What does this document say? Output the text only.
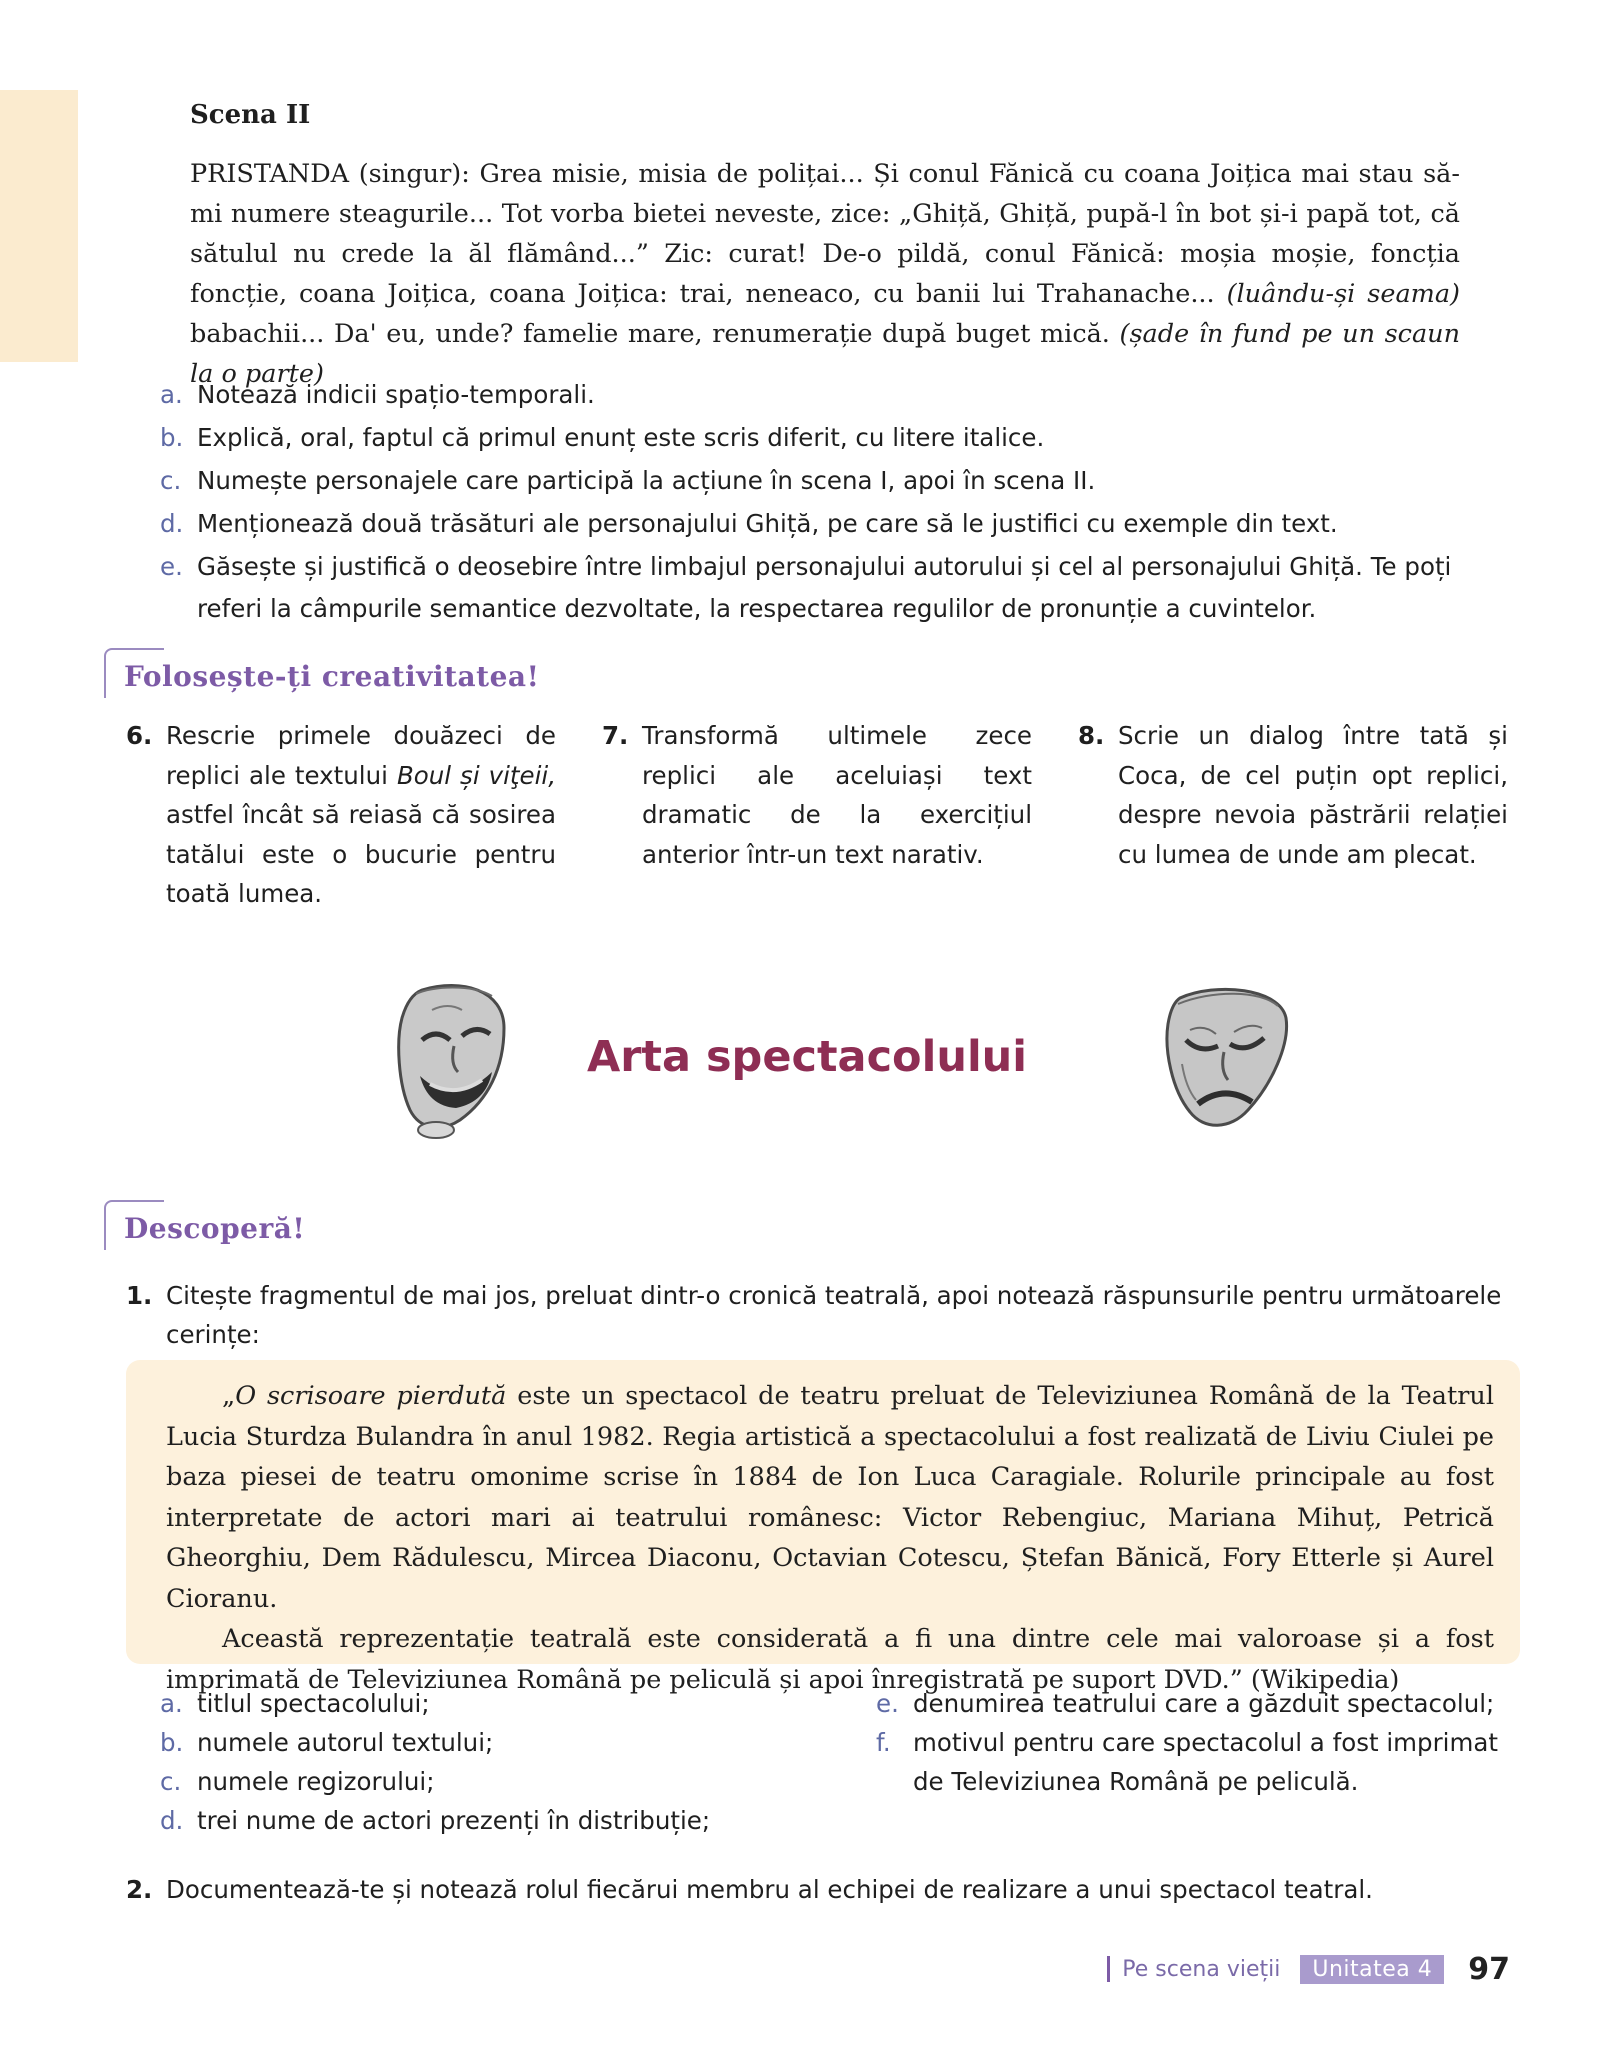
Scena II
PRISTANDA (singur): Grea misie, misia de polițai... Și conul Fănică cu coana Joițica mai stau să-mi numere steagurile... Tot vorba bietei neveste, zice: „Ghiță, Ghiță, pupă-l în bot și-i papă tot, că sătulul nu crede la ăl flămând...” Zic: curat! De-o pildă, conul Fănică: moșia moșie, foncția foncție, coana Joițica, coana Joițica: trai, neneaco, cu banii lui Trahanache... (luându-și seama) babachii... Da' eu, unde? famelie mare, renumerație după buget mică. (șade în fund pe un scaun la o parte)
a. Notează indicii spațio-temporali.
b. Explică, oral, faptul că primul enunț este scris diferit, cu litere italice.
c. Numește personajele care participă la acțiune în scena I, apoi în scena II.
d. Menționează două trăsături ale personajului Ghiță, pe care să le justifici cu exemple din text.
e. Găsește și justifică o deosebire între limbajul personajului autorului și cel al personajului Ghiță. Te poți referi la câmpurile semantice dezvoltate, la respectarea regulilor de pronunție a cuvintelor.
Folosește-ți creativitatea!
6. Rescrie primele douăzeci de replici ale textului Boul și viţeii, astfel încât să reiasă că sosirea tatălui este o bucurie pentru toată lumea.
7. Transformă ultimele zece replici ale aceluiași text dramatic de la exercițiul anterior într-un text narativ.
8. Scrie un dialog între tată și Coca, de cel puțin opt replici, despre nevoia păstrării relației cu lumea de unde am plecat.
Arta spectacolului
Descoperă!
1. Citește fragmentul de mai jos, preluat dintr-o cronică teatrală, apoi notează răspunsurile pentru următoarele cerințe:

„O scrisoare pierdută este un spectacol de teatru preluat de Televiziunea Română de la Teatrul Lucia Sturdza Bulandra în anul 1982. Regia artistică a spectacolului a fost realizată de Liviu Ciulei pe baza piesei de teatru omonime scrise în 1884 de Ion Luca Caragiale. Rolurile principale au fost interpretate de actori mari ai teatrului românesc: Victor Rebengiuc, Mariana Mihuț, Petrică Gheorghiu, Dem Rădulescu, Mircea Diaconu, Octavian Cotescu, Ștefan Bănică, Fory Etterle și Aurel Cioranu.

Această reprezentație teatrală este considerată a fi una dintre cele mai valoroase și a fost imprimată de Televiziunea Română pe peliculă și apoi înregistrată pe suport DVD.” (Wikipedia)

a. titlul spectacolului;
b. numele autorul textului;
c. numele regizorului;
d. trei nume de actori prezenți în distribuție;
e. denumirea teatrului care a găzduit spectacolul;
f. motivul pentru care spectacolul a fost imprimat de Televiziunea Română pe peliculă.
2. Documentează-te și notează rolul fiecărui membru al echipei de realizare a unui spectacol teatral.
Pe scena vieții	Unitatea 4	97
